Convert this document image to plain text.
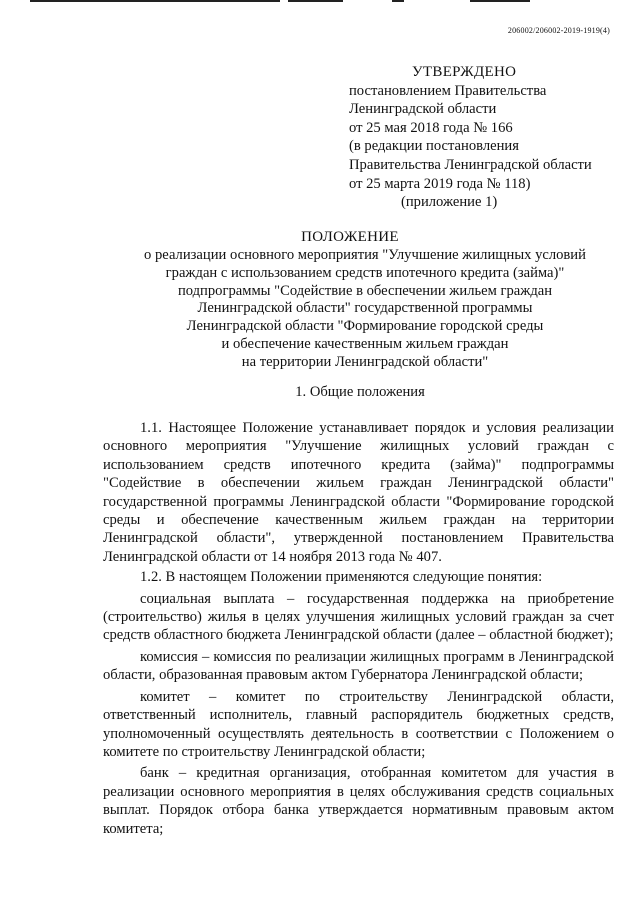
206002/206002-2019-1919(4)
УТВЕРЖДЕНО
постановлением Правительства
Ленинградской области
от 25 мая 2018 года № 166
(в редакции постановления
Правительства Ленинградской области
от 25 марта 2019 года № 118)
(приложение 1)
ПОЛОЖЕНИЕ
о реализации основного мероприятия "Улучшение жилищных условий
граждан с использованием средств ипотечного кредита (займа)"
подпрограммы "Содействие в обеспечении жильем граждан
Ленинградской области" государственной программы
Ленинградской области "Формирование городской среды
и обеспечение качественным жильем граждан
на территории Ленинградской области"
1. Общие положения

1.1. Настоящее Положение устанавливает порядок и условия реализации основного мероприятия "Улучшение жилищных условий граждан с использованием средств ипотечного кредита (займа)" подпрограммы "Содействие в обеспечении жильем граждан Ленинградской области" государственной программы Ленинградской области "Формирование городской среды и обеспечение качественным жильем граждан на территории Ленинградской области", утвержденной постановлением Правительства Ленинградской области от 14 ноября 2013 года № 407.

1.2. В настоящем Положении применяются следующие понятия:

социальная выплата – государственная поддержка на приобретение (строительство) жилья в целях улучшения жилищных условий граждан за счет средств областного бюджета Ленинградской области (далее – областной бюджет);

комиссия – комиссия по реализации жилищных программ в Ленинградской области, образованная правовым актом Губернатора Ленинградской области;

комитет – комитет по строительству Ленинградской области, ответственный исполнитель, главный распорядитель бюджетных средств, уполномоченный осуществлять деятельность в соответствии с Положением о комитете по строительству Ленинградской области;

банк – кредитная организация, отобранная комитетом для участия в реализации основного мероприятия в целях обслуживания средств социальных выплат. Порядок отбора банка утверждается нормативным правовым актом комитета;
